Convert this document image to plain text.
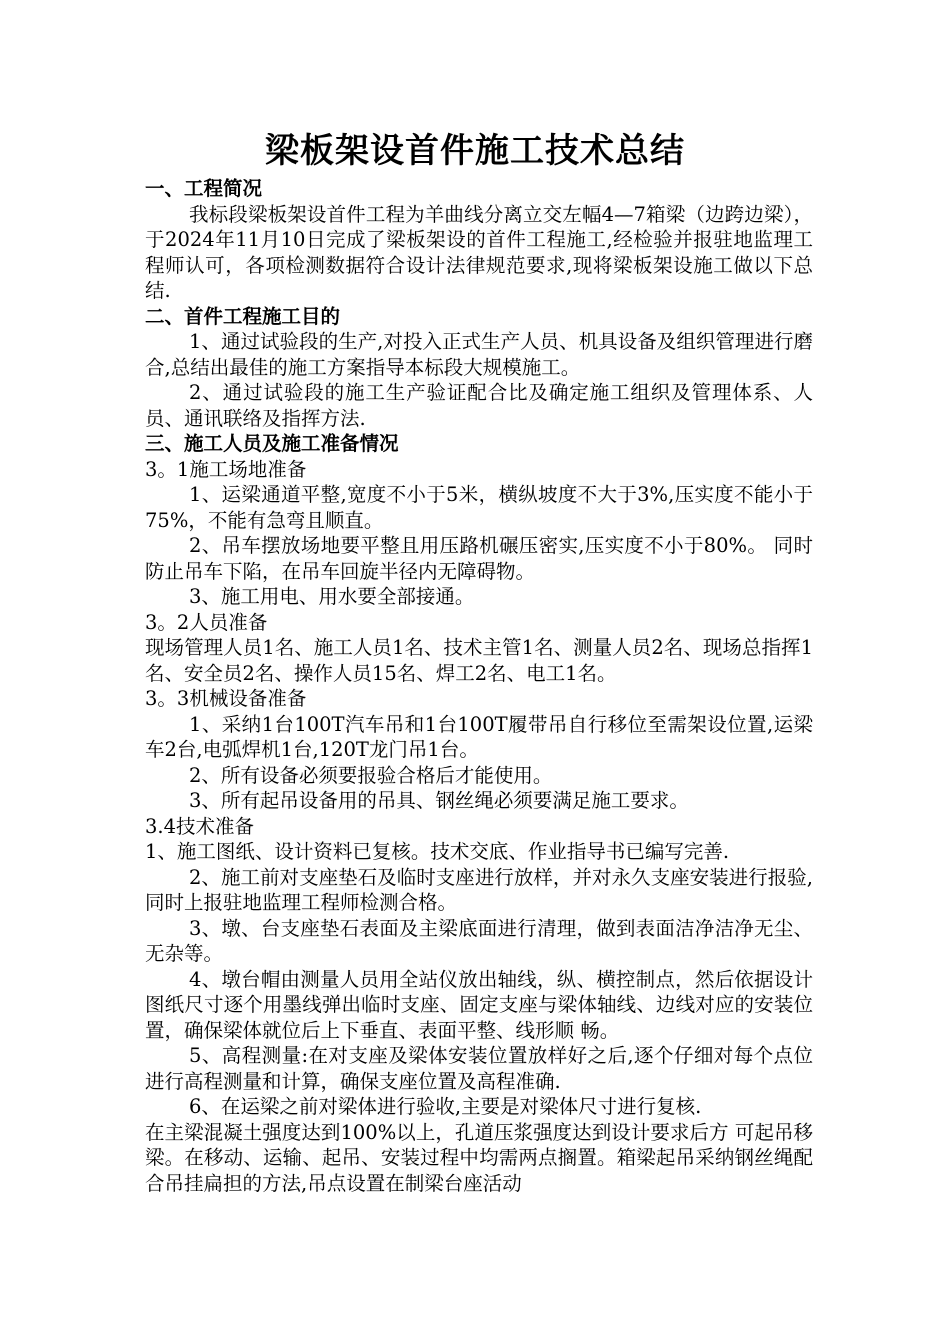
梁板架设首件施工技术总结

一、工程简况

我标段梁板架设首件工程为羊曲线分离立交左幅4—7箱梁（边跨边梁），于2024年11月10日完成了梁板架设的首件工程施工,经检验并报驻地监理工程师认可，各项检测数据符合设计法律规范要求,现将梁板架设施工做以下总结.

二、首件工程施工目的

1、通过试验段的生产,对投入正式生产人员、机具设备及组织管理进行磨合,总结出最佳的施工方案指导本标段大规模施工。

2、通过试验段的施工生产验证配合比及确定施工组织及管理体系、人员、通讯联络及指挥方法.

三、施工人员及施工准备情况

3。1施工场地准备

1、运梁通道平整,宽度不小于5米，横纵坡度不大于3%,压实度不能小于75%，不能有急弯且顺直。

2、吊车摆放场地要平整且用压路机碾压密实,压实度不小于80%。 同时防止吊车下陷，在吊车回旋半径内无障碍物。

3、施工用电、用水要全部接通。

3。2人员准备

现场管理人员1名、施工人员1名、技术主管1名、测量人员2名、现场总指挥1名、安全员2名、操作人员15名、焊工2名、电工1名。

3。3机械设备准备

1、采纳1台100T汽车吊和1台100T履带吊自行移位至需架设位置,运梁车2台,电弧焊机1台,120T龙门吊1台。

2、所有设备必须要报验合格后才能使用。

3、所有起吊设备用的吊具、钢丝绳必须要满足施工要求。

3.4技术准备

1、施工图纸、设计资料已复核。技术交底、作业指导书已编写完善.

2、施工前对支座垫石及临时支座进行放样，并对永久支座安装进行报验,同时上报驻地监理工程师检测合格。

3、墩、台支座垫石表面及主梁底面进行清理，做到表面洁净洁净无尘、无杂等。

4、墩台帽由测量人员用全站仪放出轴线，纵、横控制点，然后依据设计图纸尺寸逐个用墨线弹出临时支座、固定支座与梁体轴线、边线对应的安装位置，确保梁体就位后上下垂直、表面平整、线形顺 畅。

5、高程测量:在对支座及梁体安装位置放样好之后,逐个仔细对每个点位进行高程测量和计算，确保支座位置及高程准确.

6、在运梁之前对梁体进行验收,主要是对梁体尺寸进行复核.

在主梁混凝土强度达到100%以上，孔道压浆强度达到设计要求后方 可起吊移梁。在移动、运输、起吊、安装过程中均需两点搁置。箱梁起吊采纳钢丝绳配合吊挂扁担的方法,吊点设置在制梁台座活动
